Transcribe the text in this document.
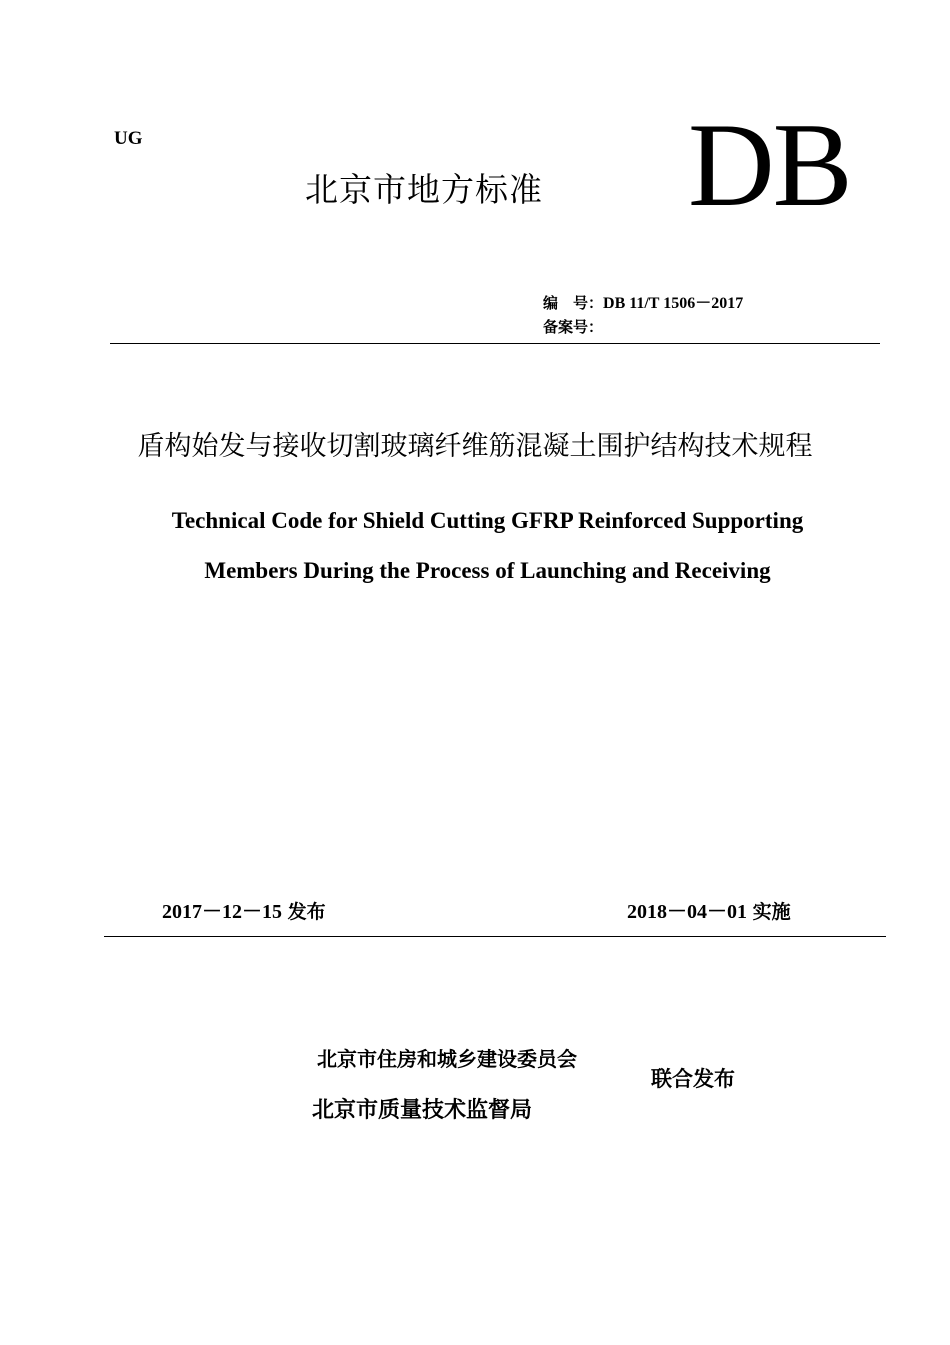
UG
北京市地方标准 DB
编　号：DB 11/T 1506－2017
备案号：
盾构始发与接收切割玻璃纤维筋混凝土围护结构技术规程
Technical Code for Shield Cutting GFRP Reinforced Supporting
Members During the Process of Launching and Receiving
2017－12－15 发布	2018－04－01 实施
北京市住房和城乡建设委员会
北京市质量技术监督局
联合发布
